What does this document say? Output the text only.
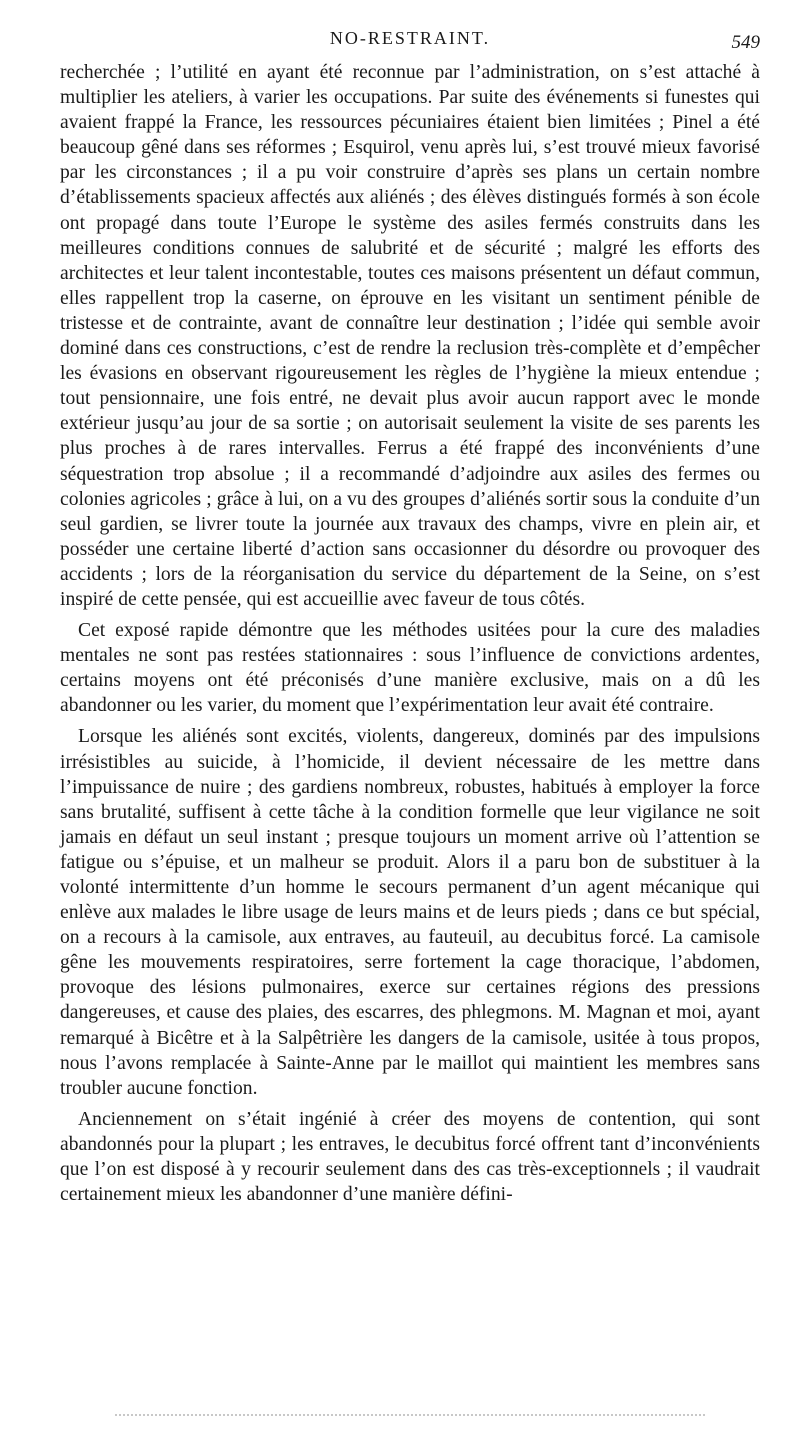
NO-RESTRAINT.	549

recherchée ; l’utilité en ayant été reconnue par l’administration, on s’est attaché à multiplier les ateliers, à varier les occupations. Par suite des événements si funestes qui avaient frappé la France, les ressources pécuniaires étaient bien limitées ; Pinel a été beaucoup gêné dans ses réformes ; Esquirol, venu après lui, s’est trouvé mieux favorisé par les circonstances ; il a pu voir construire d’après ses plans un certain nombre d’établissements spacieux affectés aux aliénés ; des élèves distingués formés à son école ont propagé dans toute l’Europe le système des asiles fermés construits dans les meilleures conditions connues de salubrité et de sécurité ; malgré les efforts des architectes et leur talent incontestable, toutes ces maisons présentent un défaut commun, elles rappellent trop la caserne, on éprouve en les visitant un sentiment pénible de tristesse et de contrainte, avant de connaître leur destination ; l’idée qui semble avoir dominé dans ces constructions, c’est de rendre la reclusion très-complète et d’empêcher les évasions en observant rigoureusement les règles de l’hygiène la mieux entendue ; tout pensionnaire, une fois entré, ne devait plus avoir aucun rapport avec le monde extérieur jusqu’au jour de sa sortie ; on autorisait seulement la visite de ses parents les plus proches à de rares intervalles. Ferrus a été frappé des inconvénients d’une séquestration trop absolue ; il a recommandé d’adjoindre aux asiles des fermes ou colonies agricoles ; grâce à lui, on a vu des groupes d’aliénés sortir sous la conduite d’un seul gardien, se livrer toute la journée aux travaux des champs, vivre en plein air, et posséder une certaine liberté d’action sans occasionner du désordre ou provoquer des accidents ; lors de la réorganisation du service du département de la Seine, on s’est inspiré de cette pensée, qui est accueillie avec faveur de tous côtés.

Cet exposé rapide démontre que les méthodes usitées pour la cure des maladies mentales ne sont pas restées stationnaires : sous l’influence de convictions ardentes, certains moyens ont été préconisés d’une manière exclusive, mais on a dû les abandonner ou les varier, du moment que l’expérimentation leur avait été contraire.

Lorsque les aliénés sont excités, violents, dangereux, dominés par des impulsions irrésistibles au suicide, à l’homicide, il devient nécessaire de les mettre dans l’impuissance de nuire ; des gardiens nombreux, robustes, habitués à employer la force sans brutalité, suffisent à cette tâche à la condition formelle que leur vigilance ne soit jamais en défaut un seul instant ; presque toujours un moment arrive où l’attention se fatigue ou s’épuise, et un malheur se produit. Alors il a paru bon de substituer à la volonté intermittente d’un homme le secours permanent d’un agent mécanique qui enlève aux malades le libre usage de leurs mains et de leurs pieds ; dans ce but spécial, on a recours à la camisole, aux entraves, au fauteuil, au decubitus forcé. La camisole gêne les mouvements respiratoires, serre fortement la cage thoracique, l’abdomen, provoque des lésions pulmonaires, exerce sur certaines régions des pressions dangereuses, et cause des plaies, des escarres, des phlegmons. M. Magnan et moi, ayant remarqué à Bicêtre et à la Salpêtrière les dangers de la camisole, usitée à tous propos, nous l’avons remplacée à Sainte-Anne par le maillot qui maintient les membres sans troubler aucune fonction.

Anciennement on s’était ingénié à créer des moyens de contention, qui sont abandonnés pour la plupart ; les entraves, le decubitus forcé offrent tant d’inconvénients que l’on est disposé à y recourir seulement dans des cas très-exceptionnels ; il vaudrait certainement mieux les abandonner d’une manière défini-
